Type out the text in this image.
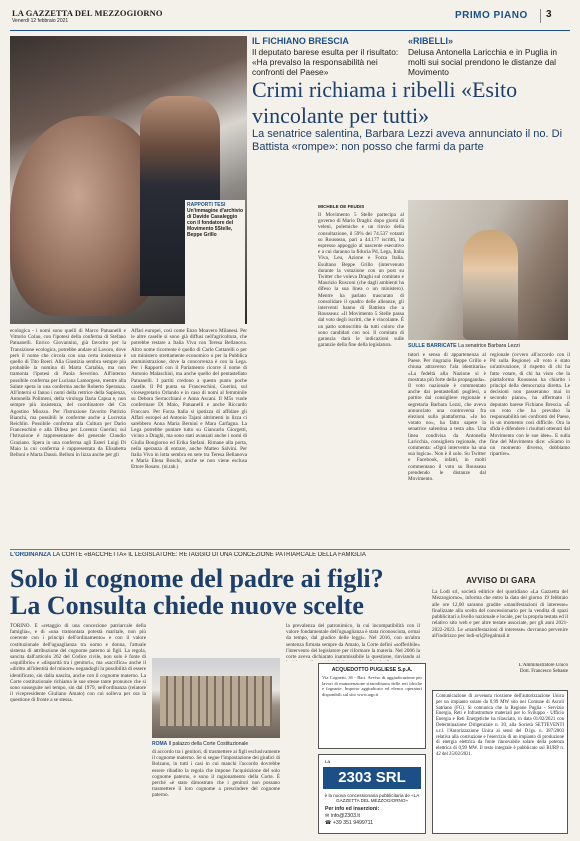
LA GAZZETTA DEL MEZZOGIORNO
Venerdì 12 febbraio 2021	PRIMO PIANO	3
RAPPORTI TESI
Un'immagine d'archivio di Davide Casaleggio con il fondatore del Movimento 5Stelle, Beppe Grillo
IL FICHIANO BRESCIA
Il deputato barese esulta per il risultato: «Ha prevalso la responsabilità nei confronti del Paese»
«RIBELLI»
Delusa Antonella Laricchia e in Puglia in molti sui social prendono le distanze dal Movimento
Crimi richiama i ribelli «Esito vincolante per tutti»
La senatrice salentina, Barbara Lezzi aveva annunciato il no. Di Battista «rompe»: non posso che farmi da parte
ecologica - i nomi sono quelli di Marco Patuanelli e Vittorio Colao, con l'ipotesi della conferma di Stefano Patuanelli. Enrico Giovannini, già favorito per la Transizione ecologica, potrebbe andare al Lavoro, dove però il nome che circola con una certa insistenza è quello di Tito Boeri. Alla Giustizia sembra sempre più probabile la nomina di Marta Cartabia, ma non tramonta l'ipotesi di Paola Severino. All'interno possibile conferma per Luciana Lamorgese, mentre alla Salute spera in una conferma anche Roberto Speranza. All'interni si fanno i nomi della rettrice della Sapienza, Antonella Polimeni, della virologa Ilaria Capua e, non sempre più insistenza, del coordinatore del Cts Agostino Miozzo. Per l'Istruzione favorito Patrizio Bianchi, ma possibili le conferme anche a Lucrezia Reichlin. Possibile conferma alla Cultura per Dario Franceschini e alla Difesa per Lorenzo Guerini; sul l'Istruzione è rappresentante del generale Claudio Graziano. Spera in una conferma agli Esteri Luigi Di Maio la cui conferma è rappresentata da Elisabetta Belloni e Marta Dassù. Belloni in lizza anche per gli
Affari europei, così come Enzo Moavero Milanesi. Per le altre caselle si sono già diffusi nell'agricoltura, che potrebbe restare a Italia Viva con Teresa Bellanova. Altro nome ricorrente è quello di Carlo Cottarelli o per un ministero strettamente economico o per la Pubblica amministrazione, dove la concorrenza è con la Lega. Per i Rapporti con il Parlamento ricorre il nome di Antonio Malaschini, ma anche quello del pentastellato Patuanelli. I partiti credono a questo punto poche caselle. Il Pd punta su Franceschini, Guerini, sul vicesegretario Orlando e in caso di nomi al femminile su Debora Serracchiani e Anna Ascani. Il M5s vuole confermare Di Maio, Patuanelli e anche Riccardo Fraccaro. Per Forza Italia si ipotizza di affidare gli Affari europei ad Antonio Tajani altrimenti in lizza ci sarebbero Anna Maria Bernini e Mara Carfagna. La Lega potrebbe puntare tutto su Giancarlo Giorgetti, vicino a Draghi, ma sono stati avanzati anche i nomi di Giulia Bongiorno ed Erika Stefani. Rimane alla porta, nella speranza di entrare, anche Matteo Salvini. Per Italia Viva in lotta sembra en sere tra Teresa Bellanova e Maria Elena Boschi, anche se non viene esclusa Ettore Rosato. (ni.tab.)
MICHELE DE FEUDIS
Il Movimento 5 Stelle partecipa al governo di Mario Draghi: dopo giorni di veleni, polemiche e un rinvio della consultazione, il 59% dei 74.537 votanti su Rousseau, pari a 44.177 iscritti, ha espresso appoggio al nascente esecutivo e a cui daranno la fiducia Pd, Lega, Italia Viva, Leu, Azione e Forza Italia. Esultano Beppe Grillo (intervenuto durante la votazione con un post su Twitter che voleva Draghi sul comitato e Maurizio Rusconi (che dagli ambienti ha difeso la sua linea o un ministero). Mentre ha parlato trascurato di consolidare il quadro delle alleanze, gli interventi hanno di Battista che a Rousseau: «Il Movimento 5 Stelle passa dal voto degli iscritti, che è vincolante. È un patto sottoscritto da tutti coloro che sono candidati con noi. Il comitato di garanzia darà le indicazioni sulle garanzie della fine della legislatura.	SULLE BARRICATE La senatrice Barbara Lezzi
tutori e senso di appartenenza al Paese. Per ringrazio Beppe Grillo e chiusa attraverso l'ala identitaria» «La fedeltà alla Nazione si è mostrata più forte della propaganda». Il voto nazionale è commentato anche dai pentastellati pugliesi, a partire dal consigliere regionale e segretaria Barbara Lezzi, che aveva annunciato una controversa fra elezioni sulla piattaforma. «Io ho votato no», ha fatto sapere la senatrice salentina a testa alta. Una linea condivisa da Antonella Laricchia, consigliera regionale, che commenta: «Ogni intervento ha una sua logica». Non è il solo. Su Twitter e Facebook, infatti, in molti commentano il voto su Rousseau prendendo le distanze dal Movimento.
regionale (ovvero all'accordo con il Pd sulla Regione) «Il voto è stato un'attivazione, il rispetto di chi ha fatto votare, di chi ha visto che la piattaforma Rousseau ha chiarito i principi della democrazia diretta. Le decisioni non passeranno mai in secondo piano», ha affermato il deputato barese Fichiano Brescia. «È un voto che ha prevalso la responsabilità nei confronti del Paese, in un momento così difficile. Ora la sfida è difendere i risultati ottenuti dal Movimento con le sue idee». E sulla fine del Movimento dice: «Siamo in un momento diverso, dobbiamo ripartire».
L'ORDINANZA LA CORTE «BACCHETTA» IL LEGISLATORE: RETAGGIO DI UNA CONCEZIONE PATRIARCALE DELLA FAMIGLIA
Solo il cognome del padre ai figli? La Consulta chiede nuove scelte
TORINO. È «retaggio di una concezione patriarcale della famiglia», e di «una tramontata potestà maritale, non più coerente con i principi dell'ordinamento» e con il valore costituzionale dell'uguaglianza tra uomo e donna, l'attuale sistema di attribuzione del cognome paterno ai figli. La regola, sancita dall'articolo 262 del Codice civile, non solo è fonte di «squilibrio» e «disparità tra i genitori», ma «sacrifica» anche il «diritto all'identità del minore» negandogli la possibilità di essere identificato, sin dalla nascita, anche con il cognome materno. La Corte costituzionale richiama le sue stesse tante pronunce che si sono susseguite nel tempo, sin dal 1979, nell'ordinanza (relatore il vicepresidente Giuliano Amato) con cui solleva per ora la questione di fronte a se stessa.
ROMA Il palazzo della Corte Costituzionale
di accordo tra i genitori, di trasmettere ai figli esclusivamente il cognome materno. Se si segue l'impostazione dei giudici di Bolzano, in tutti i casi in cui manchi l'accordo dovrebbe essere ribadito la regola che impone l'acquisizione del solo cognome paterno, e sono il ragionamento della Corte. È perché «è stato dimostrato che i genitori non possano trasmettere il loro cognome a prescindere del cognome paterno.
la prevalenza del patronimico, la cui incompatibilità con il valore fondamentale dell'uguaglianza è stata riconosciuta, ormai da tempo, dal giudice delle leggi». Nel 2016, con un'altra sentenza firmata sempre da Amato, la Corte definì «sofferibile» l'intervento del legislatore per riformare la materia. Nel 2006 la corte aveva dichiarato inammissibile la questione, rinviando al
ACQUEDOTTO PUGLIESE S.p.A.
Via Cognetti, 36 - Bari. Avviso di aggiudicazione per lavori di manutenzione straordinaria delle reti idriche e fognarie. Importo aggiudicato ed elenco operatori disponibili sul sito www.aqp.it
La
2303 SRL
è la nuova concessionaria pubblicitaria de «LA GAZZETTA DEL MEZZOGIORNO»
Per info ed inserzioni:
✉ info@2303.it
☎ +39 351 9499711
AVVISO DI GARA
La Lodi srl, società editrice del quotidiano «La Gazzetta del Mezzogiorno», informa che entro la data del giorno 19 febbraio alle ore 12,00 saranno gradite «manifestazioni di interesse» finalizzate alla scelta del concessionario per la vendita di spazi pubblicitari a livello nazionale e locale, per la propria testata ed il relativo sito web e per altre testate associate, per gli anni 2021-2022-2023. Le «manifestazioni di interesse» dovranno pervenire all'indirizzo pec lodi-srl@legalmail.it
L'Amministratore Unico
Dott. Francesco Sebaste
Comunicazione di avvenuta ricezione dell'autorizzazione Unica per un impianto solare da 0,99 MW sito nel Comune di Ascoli Satriano (FG). Si comunica che la Regione Puglia - Servizio Energia, Reti e Infrastrutture materiali per lo Sviluppo - Ufficio Energia e Reti Energetiche ha rilasciato, in data 01/02/2021 con Determinazione Dirigenziale n. 30, alla Società SETTEVENTI s.r.l. l'Autorizzazione Unica ai sensi del D.lgs. n. 387/2003 relativa alla costruzione e l'esercizio di un impianto di produzione di energia elettrica da fonte rinnovabile solare della potenza elettrica di 0,99 MW. Il testo integrale è pubblicato sul BURP n. 42 del 25/02/2021.
